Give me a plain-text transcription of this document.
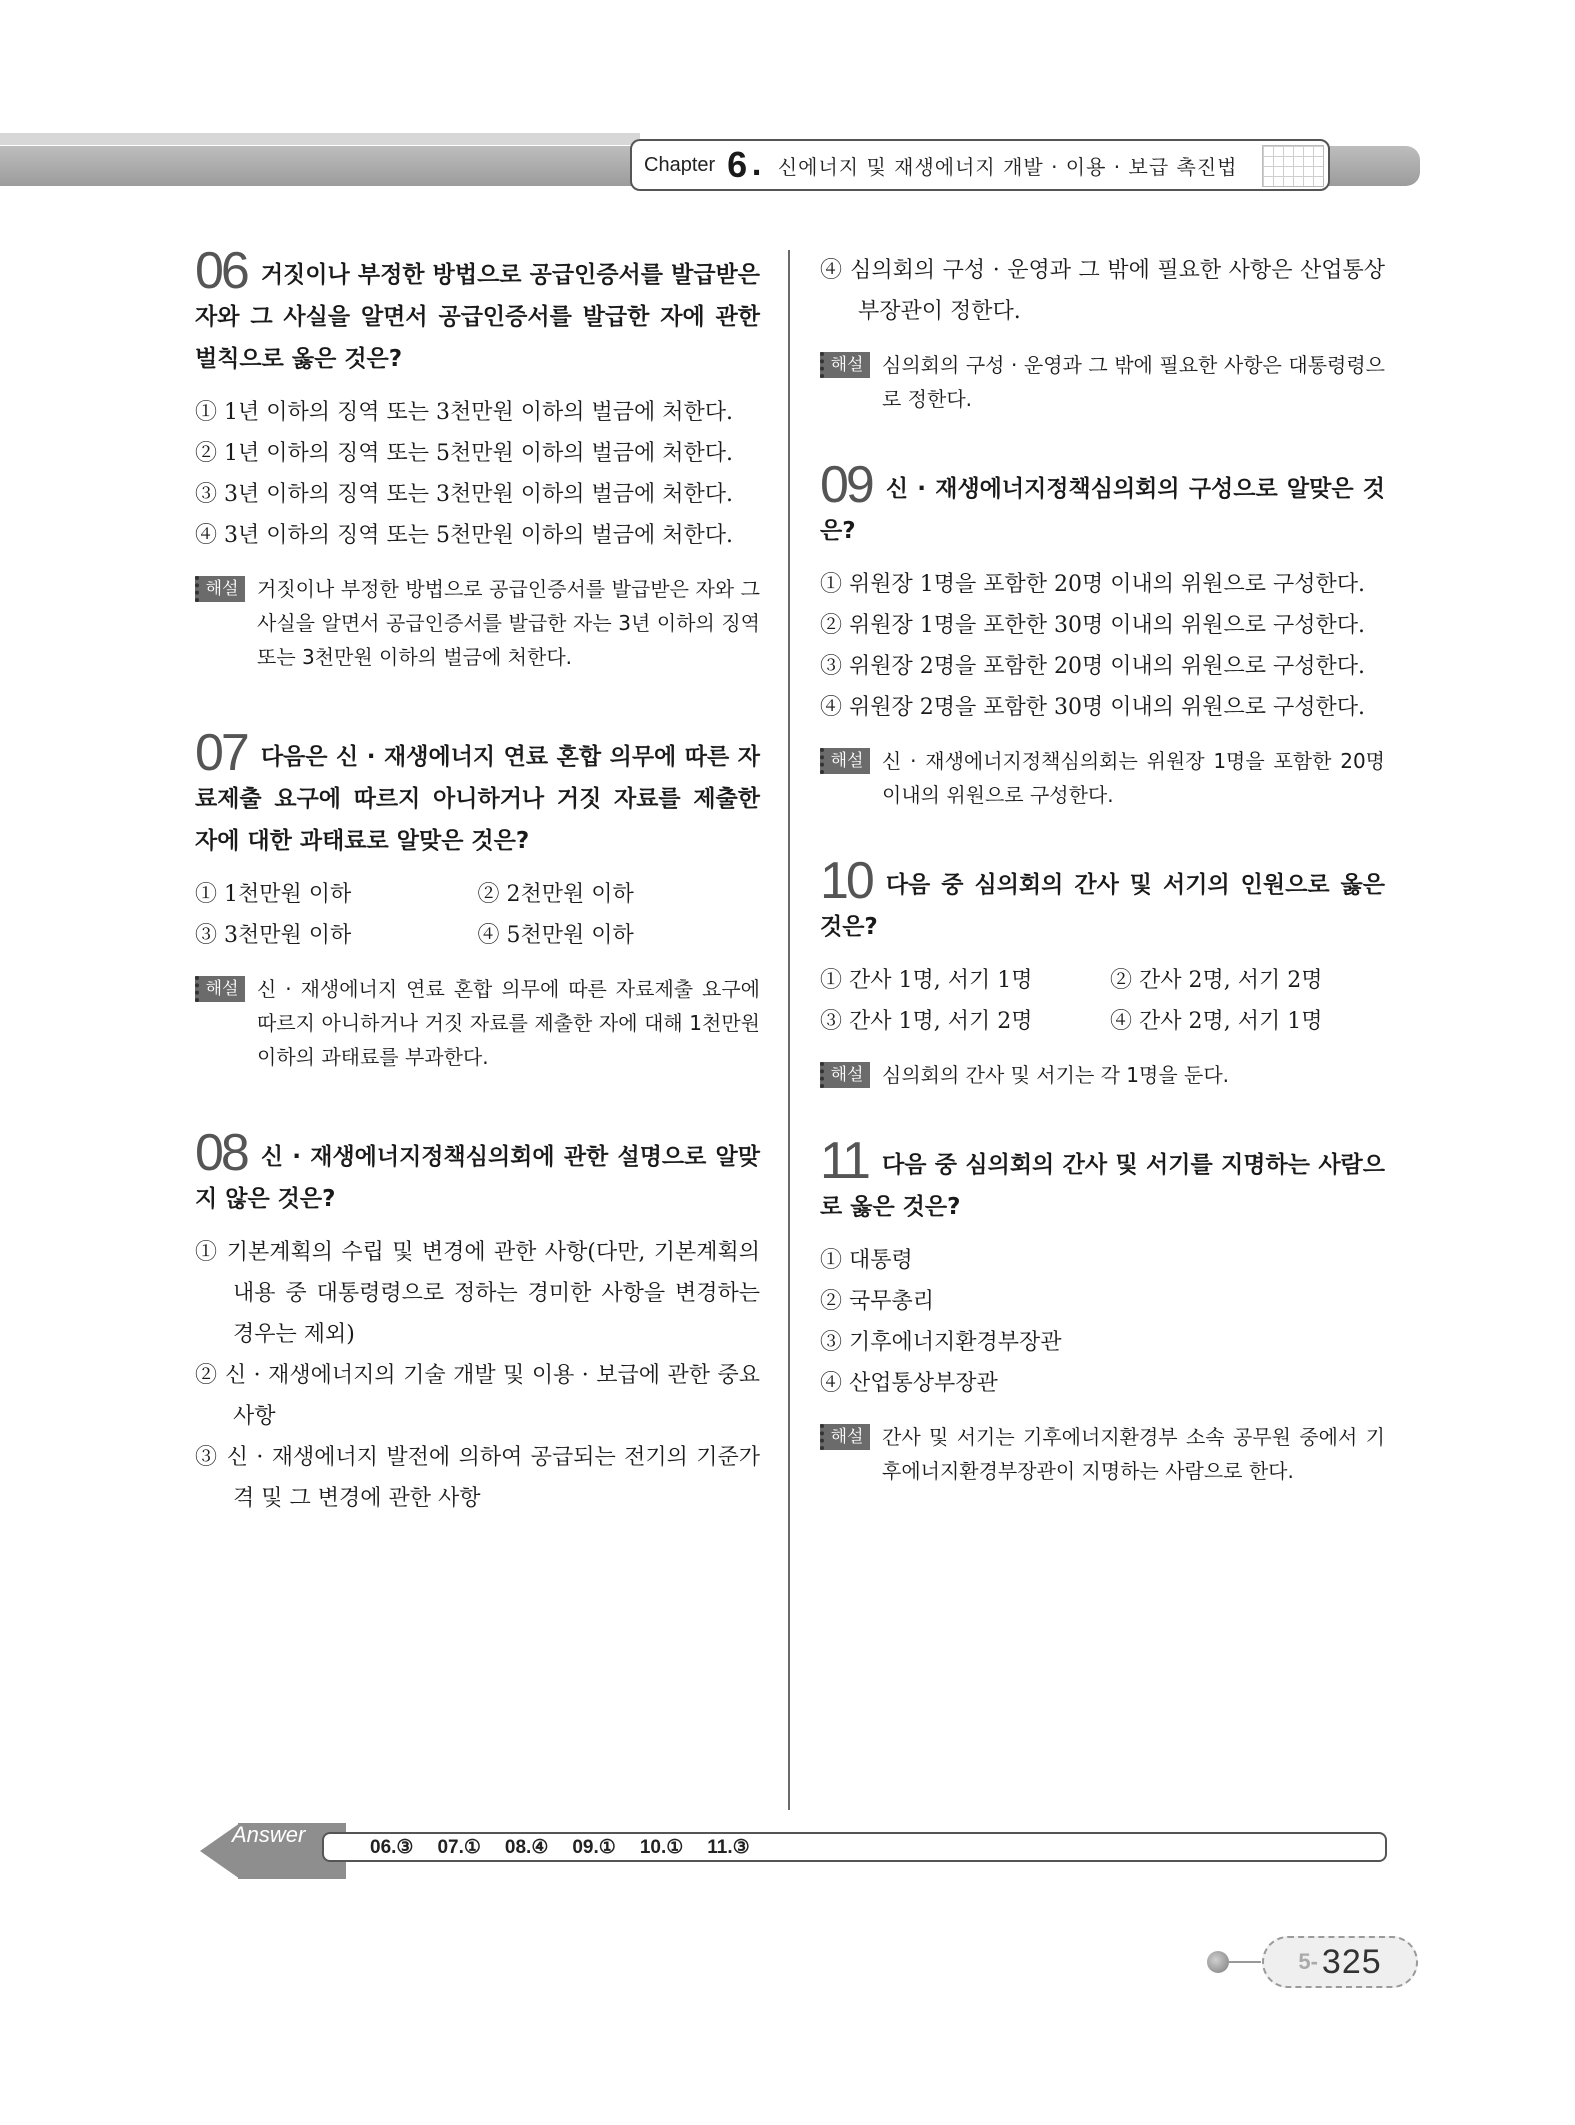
Chapter 6 . 신에너지 및 재생에너지 개발 · 이용 · 보급 촉진법

06 거짓이나 부정한 방법으로 공급인증서를 발급받은 자와 그 사실을 알면서 공급인증서를 발급한 자에 관한 벌칙으로 옳은 것은?

① 1년 이하의 징역 또는 3천만원 이하의 벌금에 처한다.
② 1년 이하의 징역 또는 5천만원 이하의 벌금에 처한다.
③ 3년 이하의 징역 또는 3천만원 이하의 벌금에 처한다.
④ 3년 이하의 징역 또는 5천만원 이하의 벌금에 처한다.
해설 거짓이나 부정한 방법으로 공급인증서를 발급받은 자와 그 사실을 알면서 공급인증서를 발급한 자는 3년 이하의 징역 또는 3천만원 이하의 벌금에 처한다.

07 다음은 신 · 재생에너지 연료 혼합 의무에 따른 자료제출 요구에 따르지 아니하거나 거짓 자료를 제출한 자에 대한 과태료로 알맞은 것은?

① 1천만원 이하	② 2천만원 이하
③ 3천만원 이하	④ 5천만원 이하
해설 신 · 재생에너지 연료 혼합 의무에 따른 자료제출 요구에 따르지 아니하거나 거짓 자료를 제출한 자에 대해 1천만원 이하의 과태료를 부과한다.

08 신 · 재생에너지정책심의회에 관한 설명으로 알맞지 않은 것은?

① 기본계획의 수립 및 변경에 관한 사항(다만, 기본계획의 내용 중 대통령령으로 정하는 경미한 사항을 변경하는 경우는 제외)
② 신 · 재생에너지의 기술 개발 및 이용 · 보급에 관한 중요 사항
③ 신 · 재생에너지 발전에 의하여 공급되는 전기의 기준가격 및 그 변경에 관한 사항
④ 심의회의 구성 · 운영과 그 밖에 필요한 사항은 산업통상부장관이 정한다.
해설 심의회의 구성 · 운영과 그 밖에 필요한 사항은 대통령령으로 정한다.

09 신 · 재생에너지정책심의회의 구성으로 알맞은 것은?

① 위원장 1명을 포함한 20명 이내의 위원으로 구성한다.
② 위원장 1명을 포한한 30명 이내의 위원으로 구성한다.
③ 위원장 2명을 포함한 20명 이내의 위원으로 구성한다.
④ 위원장 2명을 포함한 30명 이내의 위원으로 구성한다.
해설 신 · 재생에너지정책심의회는 위원장 1명을 포함한 20명 이내의 위원으로 구성한다.

10 다음 중 심의회의 간사 및 서기의 인원으로 옳은 것은?

① 간사 1명, 서기 1명	② 간사 2명, 서기 2명
③ 간사 1명, 서기 2명	④ 간사 2명, 서기 1명
해설 심의회의 간사 및 서기는 각 1명을 둔다.

11 다음 중 심의회의 간사 및 서기를 지명하는 사람으로 옳은 것은?

① 대통령
② 국무총리
③ 기후에너지환경부장관
④ 산업통상부장관
해설 간사 및 서기는 기후에너지환경부 소속 공무원 중에서 기후에너지환경부장관이 지명하는 사람으로 한다.
06.③ 07.① 08.④ 09.① 10.① 11.③
Answer
5- 325
